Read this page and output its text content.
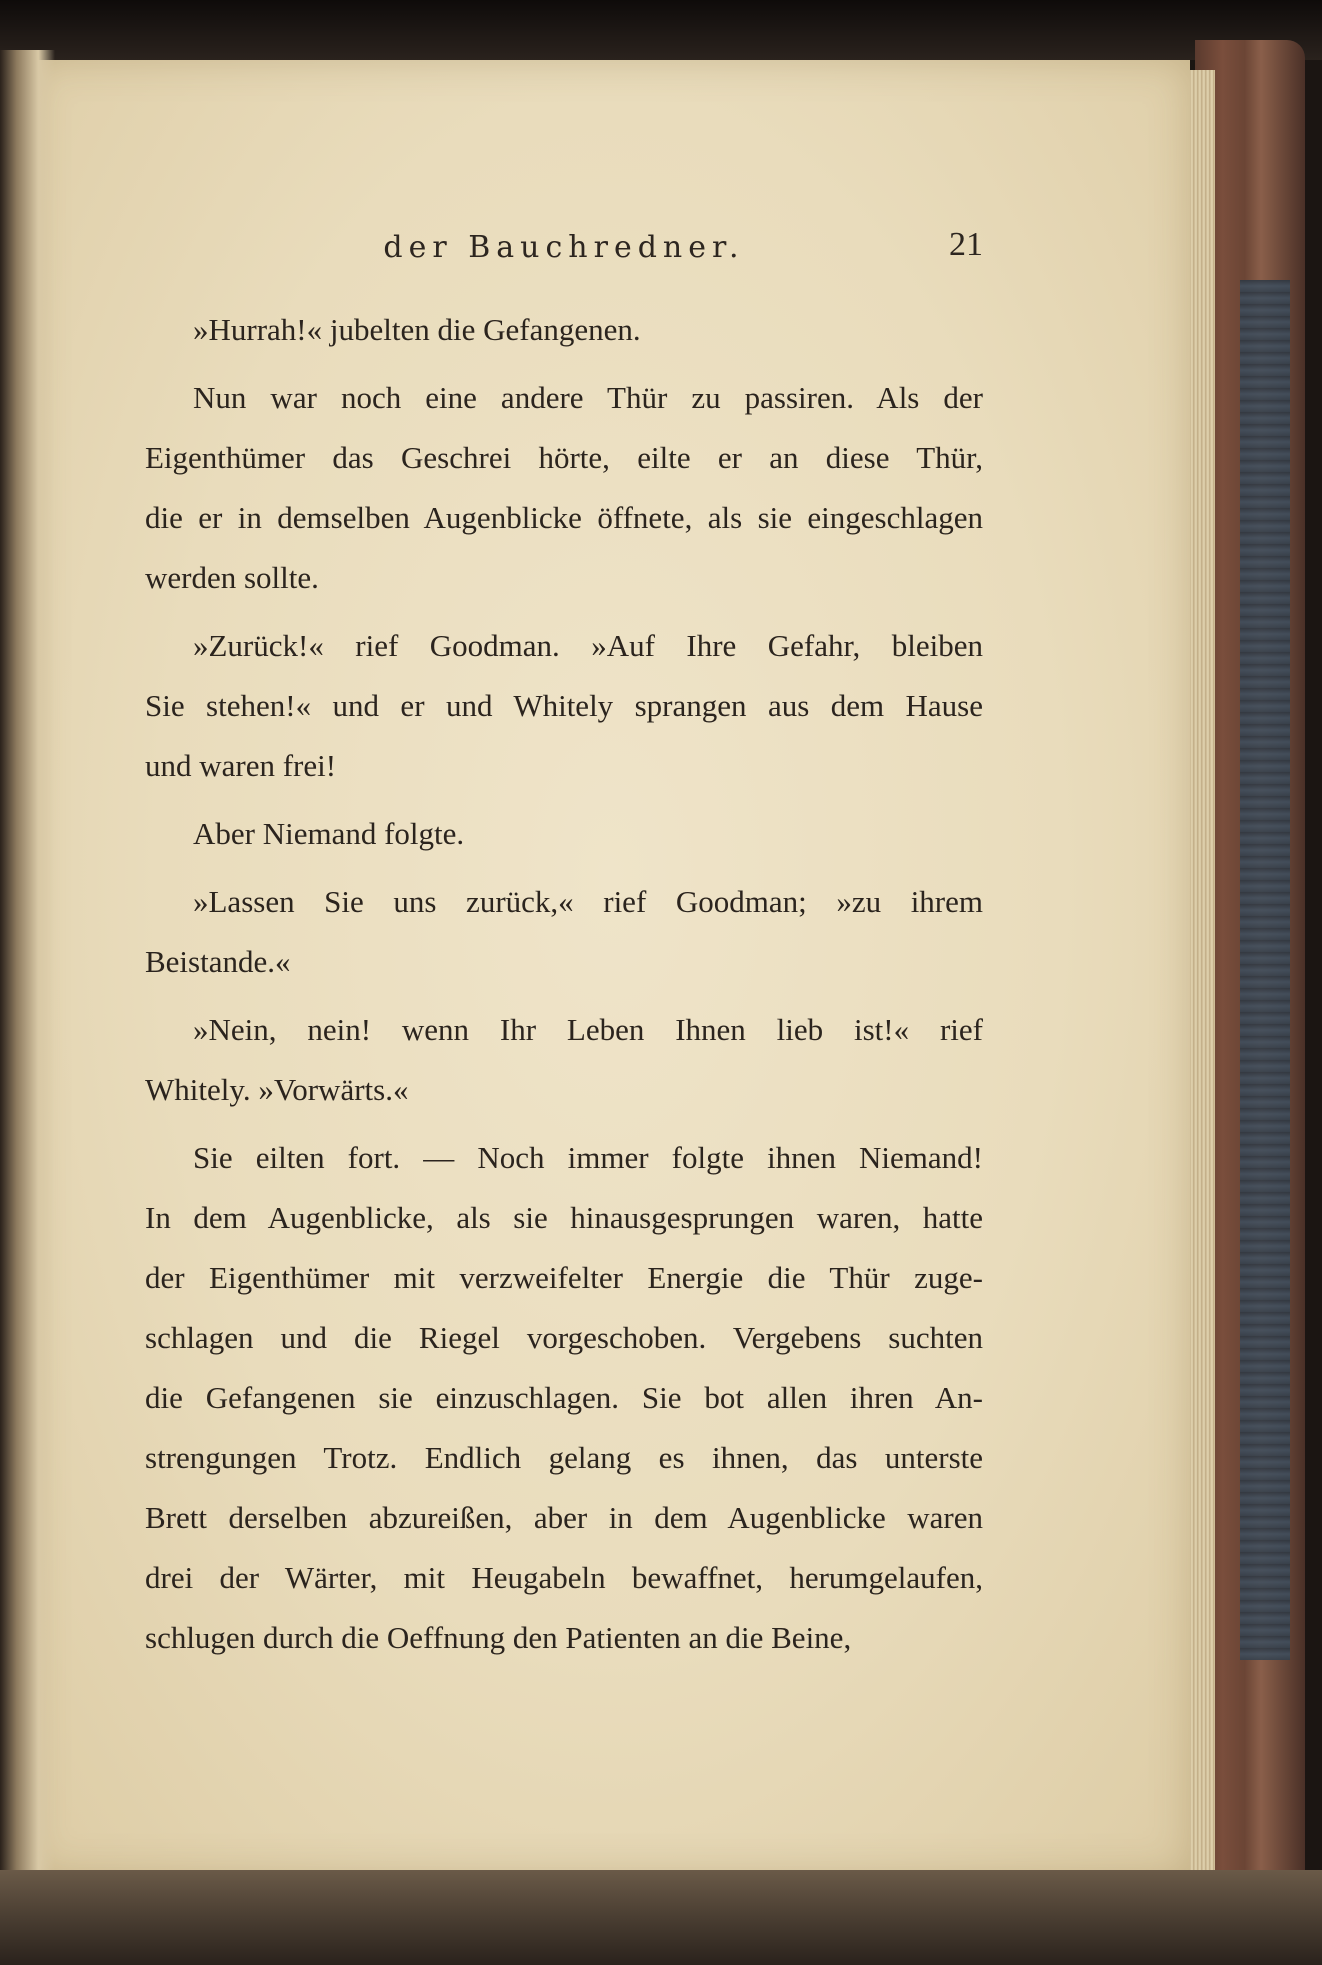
der Bauchredner.	21
»Hurrah!« jubelten die Gefangenen.
Nun war noch eine andere Thür zu passiren. Als der
Eigenthümer das Geschrei hörte, eilte er an diese Thür,
die er in demselben Augenblicke öffnete, als sie eingeschlagen
werden sollte.
»Zurück!« rief Goodman. »Auf Ihre Gefahr, bleiben
Sie stehen!« und er und Whitely sprangen aus dem Hause
und waren frei!
Aber Niemand folgte.
»Lassen Sie uns zurück,« rief Goodman; »zu ihrem
Beistande.«
»Nein, nein! wenn Ihr Leben Ihnen lieb ist!« rief
Whitely. »Vorwärts.«
Sie eilten fort. — Noch immer folgte ihnen Niemand!
In dem Augenblicke, als sie hinausgesprungen waren, hatte
der Eigenthümer mit verzweifelter Energie die Thür zuge-
schlagen und die Riegel vorgeschoben. Vergebens suchten
die Gefangenen sie einzuschlagen. Sie bot allen ihren An-
strengungen Trotz. Endlich gelang es ihnen, das unterste
Brett derselben abzureißen, aber in dem Augenblicke waren
drei der Wärter, mit Heugabeln bewaffnet, herumgelaufen,
schlugen durch die Oeffnung den Patienten an die Beine,
